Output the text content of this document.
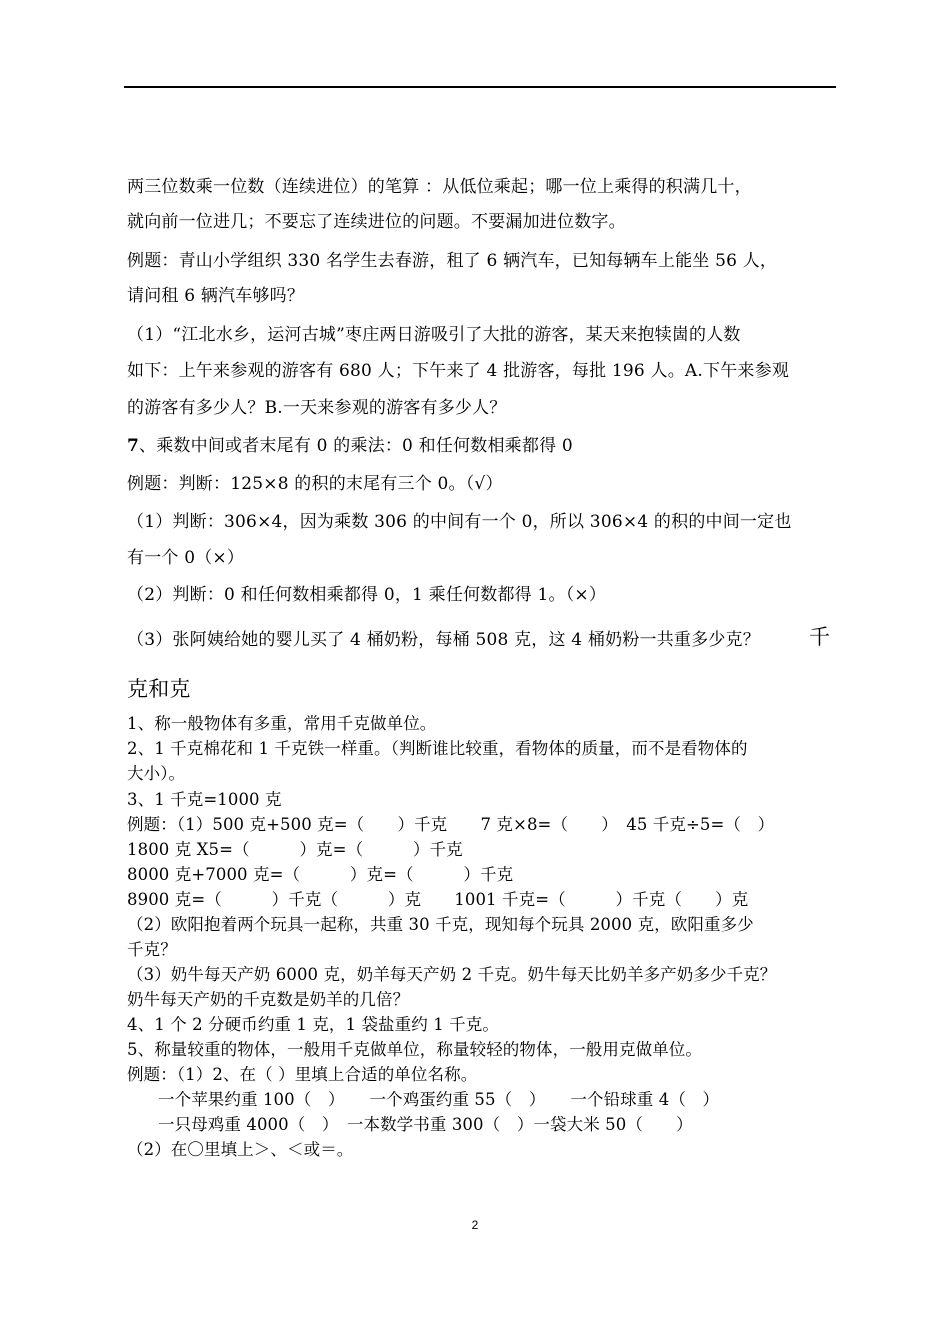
两三位数乘一位数（连续进位）的笔算 ：从低位乘起；哪一位上乘得的积满几十，
就向前一位进几；不要忘了连续进位的问题。不要漏加进位数字。
例题：青山小学组织 330 名学生去春游，租了 6 辆汽车，已知每辆车上能坐 56 人，
请问租 6 辆汽车够吗？
（1）“江北水乡，运河古城”枣庄两日游吸引了大批的游客，某天来抱犊崮的人数
如下：上午来参观的游客有 680 人；下午来了 4 批游客，每批 196 人。A.下午来参观
的游客有多少人？B.一天来参观的游客有多少人？
7、乘数中间或者末尾有 0 的乘法：0 和任何数相乘都得 0
例题：判断：125×8 的积的末尾有三个 0。（√）
（1）判断：306×4，因为乘数 306 的中间有一个 0，所以 306×4 的积的中间一定也
有一个 0（×）
（2）判断：0 和任何数相乘都得 0，1 乘任何数都得 1。（×）
（3）张阿姨给她的婴儿买了 4 桶奶粉，每桶 508 克，这 4 桶奶粉一共重多少克？ 千
克和克
1、称一般物体有多重，常用千克做单位。
2、1 千克棉花和 1 千克铁一样重。（判断谁比较重，看物体的质量，而不是看物体的
大小）。
3、1 千克=1000 克
例题：（1）500 克+500 克=（　　）千克　　7 克×8=（　　）　45 千克÷5=（　）
1800 克 X5=（　　　）克=（　　　）千克
8000 克+7000 克=（　　　）克=（　　　）千克
8900 克=（　　　）千克（　　　）克　　1001 千克=（　　　）千克（　　）克
（2）欧阳抱着两个玩具一起称，共重 30 千克，现知每个玩具 2000 克，欧阳重多少
千克？
（3）奶牛每天产奶 6000 克，奶羊每天产奶 2 千克。奶牛每天比奶羊多产奶多少千克？
奶牛每天产奶的千克数是奶羊的几倍？
4、1 个 2 分硬币约重 1 克，1 袋盐重约 1 千克。
5、称量较重的物体，一般用千克做单位，称量较轻的物体，一般用克做单位。
例题：（1）2、在（ ）里填上合适的单位名称。
一个苹果约重 100（　）　　一个鸡蛋约重 55（　）　　一个铅球重 4（　）
一只母鸡重 4000（　）　一本数学书重 300（　）一袋大米 50（　　）
（2）在〇里填上＞、＜或＝。
2
